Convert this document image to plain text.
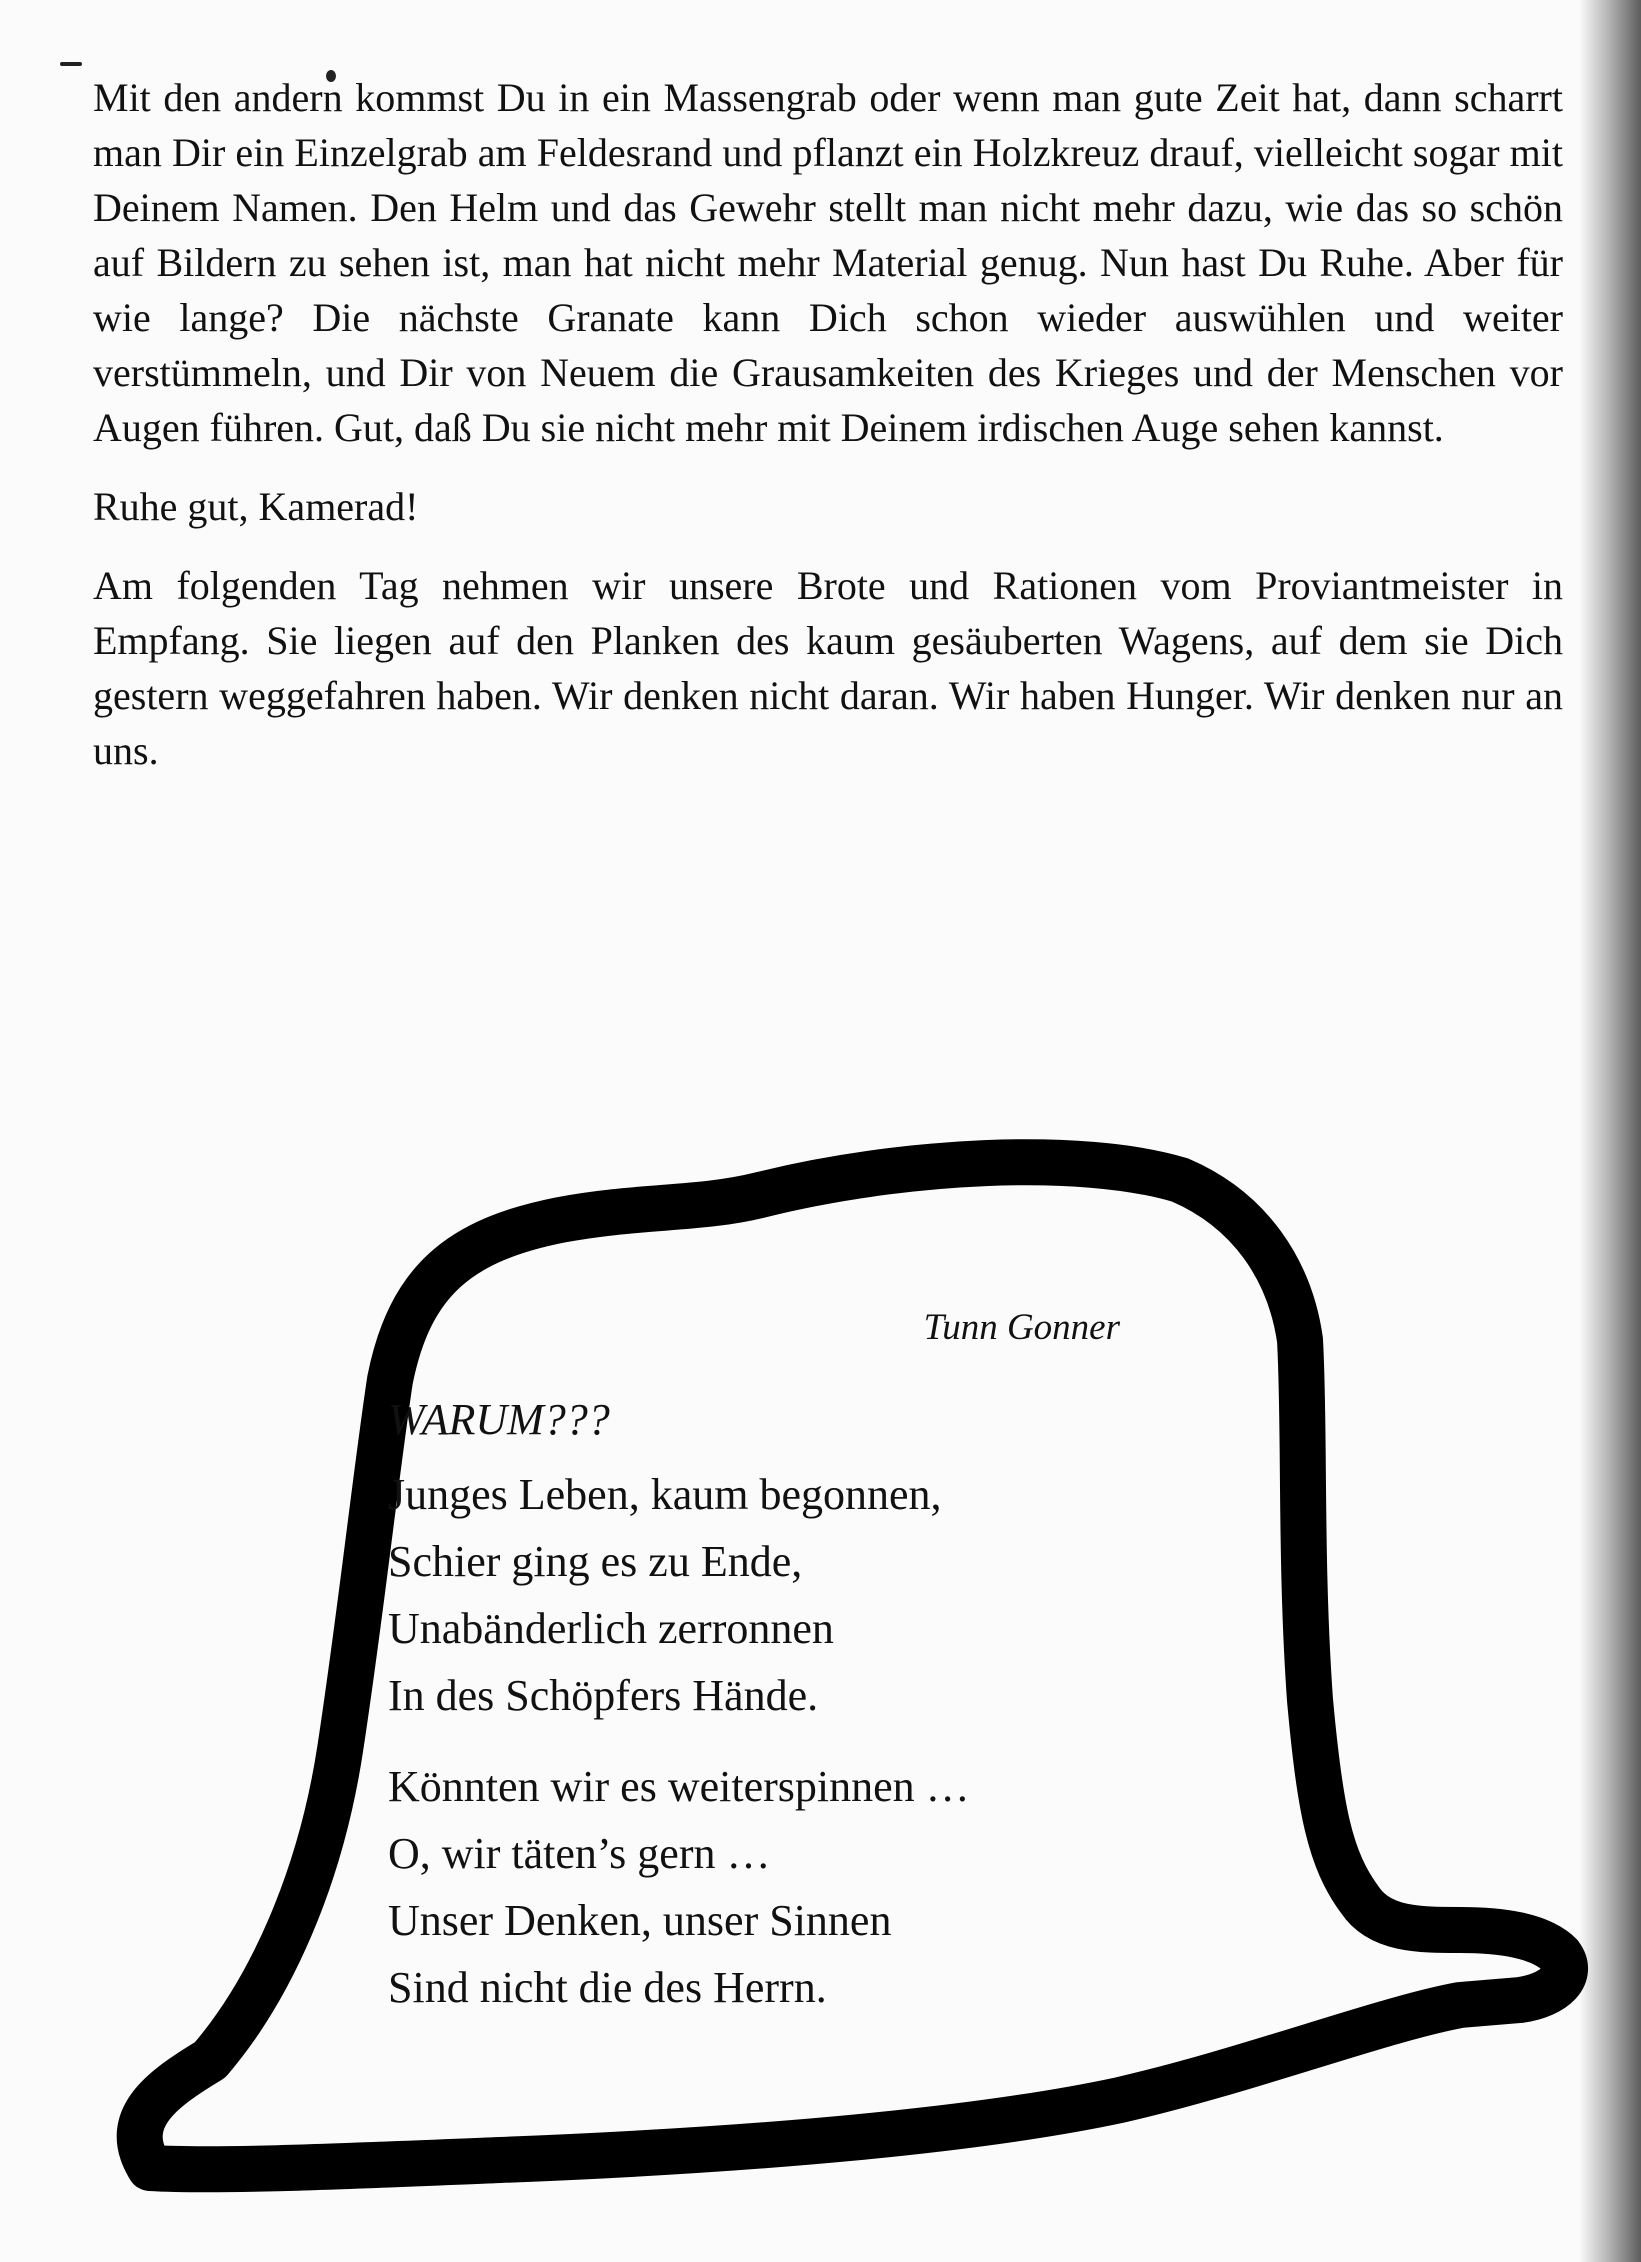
Mit den andern kommst Du in ein Massengrab oder wenn man gute Zeit hat, dann scharrt man Dir ein Einzelgrab am Feldesrand und pflanzt ein Holzkreuz drauf, vielleicht sogar mit Deinem Namen. Den Helm und das Gewehr stellt man nicht mehr dazu, wie das so schön auf Bildern zu sehen ist, man hat nicht mehr Material genug. Nun hast Du Ruhe. Aber für wie lange? Die nächste Granate kann Dich schon wieder auswühlen und weiter verstümmeln, und Dir von Neuem die Grausamkeiten des Krieges und der Menschen vor Augen führen. Gut, daß Du sie nicht mehr mit Deinem irdischen Auge sehen kannst.

Ruhe gut, Kamerad!

Am folgenden Tag nehmen wir unsere Brote und Rationen vom Proviantmeister in Empfang. Sie liegen auf den Planken des kaum gesäuberten Wagens, auf dem sie Dich gestern weggefahren haben. Wir denken nicht daran. Wir haben Hunger. Wir denken nur an uns.

Tunn Gonner
WARUM???
Junges Leben, kaum begonnen,
Schier ging es zu Ende,
Unabänderlich zerronnen
In des Schöpfers Hände.
Könnten wir es weiterspinnen …
O, wir täten’s gern …
Unser Denken, unser Sinnen
Sind nicht die des Herrn.
